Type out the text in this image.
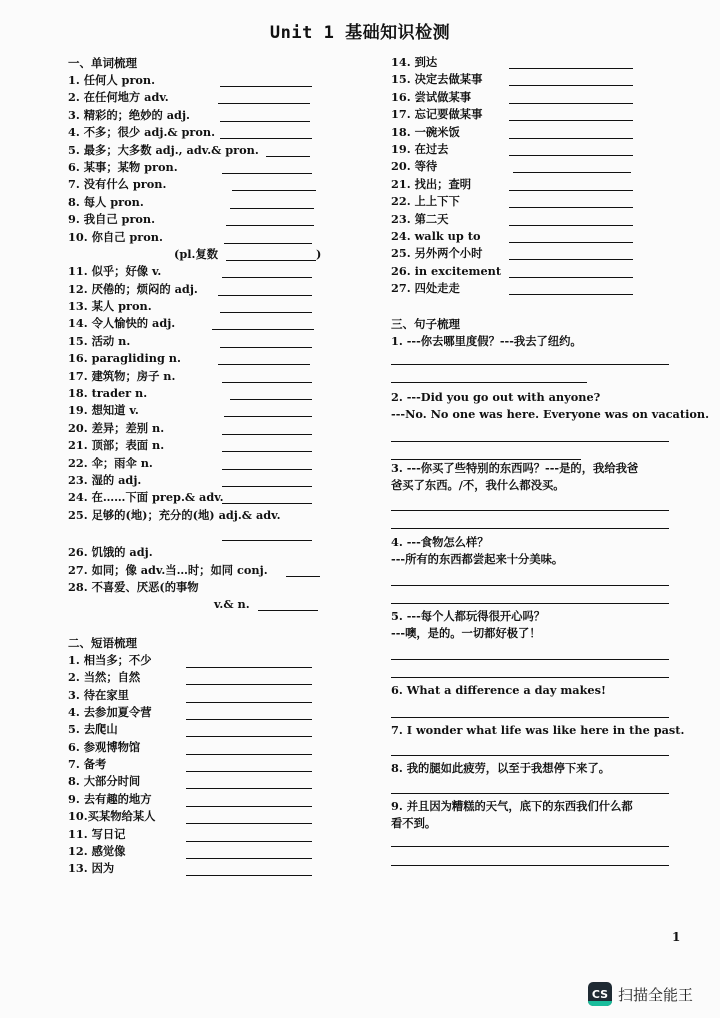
Unit 1 基础知识检测
一、单词梳理
1. 任何人 pron.
2. 在任何地方 adv.
3. 精彩的；绝妙的 adj.
4. 不多；很少 adj.& pron.
5. 最多；大多数 adj., adv.& pron.
6. 某事；某物 pron.
7. 没有什么 pron.
8. 每人 pron.
9. 我自己 pron.
10. 你自己 pron.
(pl.复数	)
11. 似乎；好像 v.
12. 厌倦的；烦闷的 adj.
13. 某人 pron.
14. 令人愉快的 adj.
15. 活动 n.
16. paragliding n.
17. 建筑物；房子 n.
18. trader n.
19. 想知道 v.
20. 差异；差别 n.
21. 顶部；表面 n.
22. 伞；雨伞 n.
23. 湿的 adj.
24. 在……下面 prep.& adv.
25. 足够的(地)；充分的(地) adj.& adv.
26. 饥饿的 adj.
27. 如同；像 adv.当…时；如同 conj.
28. 不喜爱、厌恶(的事物
v.& n.
二、短语梳理
1. 相当多；不少
2. 当然；自然
3. 待在家里
4. 去参加夏令营
5. 去爬山
6. 参观博物馆
7. 备考
8. 大部分时间
9. 去有趣的地方
10.买某物给某人
11. 写日记
12. 感觉像
13. 因为
14. 到达
15. 决定去做某事
16. 尝试做某事
17. 忘记要做某事
18. 一碗米饭
19. 在过去
20. 等待
21. 找出；查明
22. 上上下下
23. 第二天
24. walk up to
25. 另外两个小时
26. in excitement
27. 四处走走
三、句子梳理
1. ---你去哪里度假？---我去了纽约。
2. ---Did you go out with anyone?
---No. No one was here. Everyone was on vacation.
3. ---你买了些特别的东西吗？---是的，我给我爸
爸买了东西。/不，我什么都没买。
4. ---食物怎么样？
---所有的东西都尝起来十分美味。
5. ---每个人都玩得很开心吗？
---噢，是的。一切都好极了！
6. What a difference a day makes!
7. I wonder what life was like here in the past.
8. 我的腿如此疲劳，以至于我想停下来了。
9. 并且因为糟糕的天气，底下的东西我们什么都
看不到。
1
CS 扫描全能王
